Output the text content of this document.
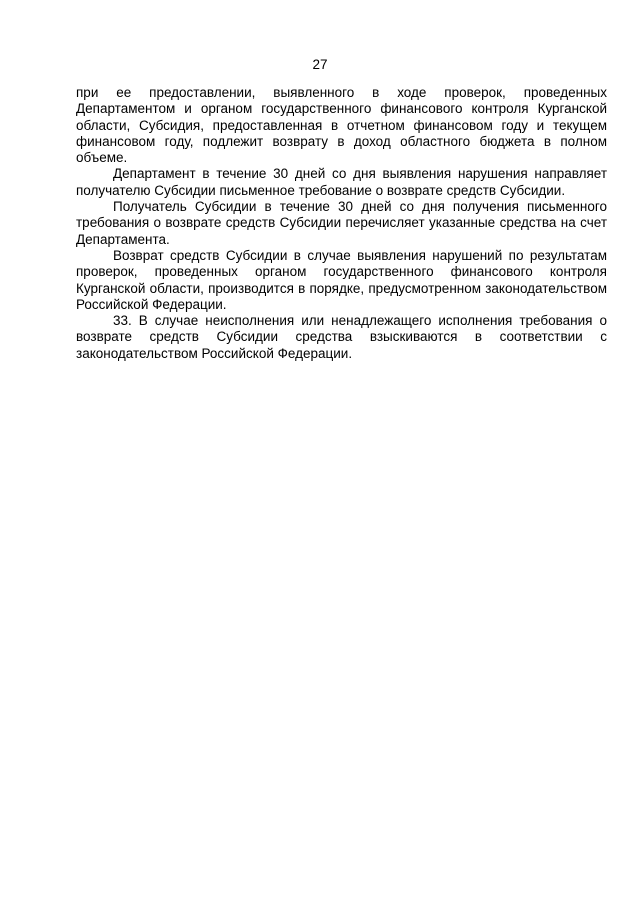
27

при ее предоставлении, выявленного в ходе проверок, проведенных Департаментом и органом государственного финансового контроля Курганской области, Субсидия, предоставленная в отчетном финансовом году и текущем финансовом году, подлежит возврату в доход областного бюджета в полном объеме.

Департамент в течение 30 дней со дня выявления нарушения направляет получателю Субсидии письменное требование о возврате средств Субсидии.

Получатель Субсидии в течение 30 дней со дня получения письменного требования о возврате средств Субсидии перечисляет указанные средства на счет Департамента.

Возврат средств Субсидии в случае выявления нарушений по результатам проверок, проведенных органом государственного финансового контроля Курганской области, производится в порядке, предусмотренном законодательством Российской Федерации.

33. В случае неисполнения или ненадлежащего исполнения требования о возврате средств Субсидии средства взыскиваются в соответствии с законодательством Российской Федерации.
